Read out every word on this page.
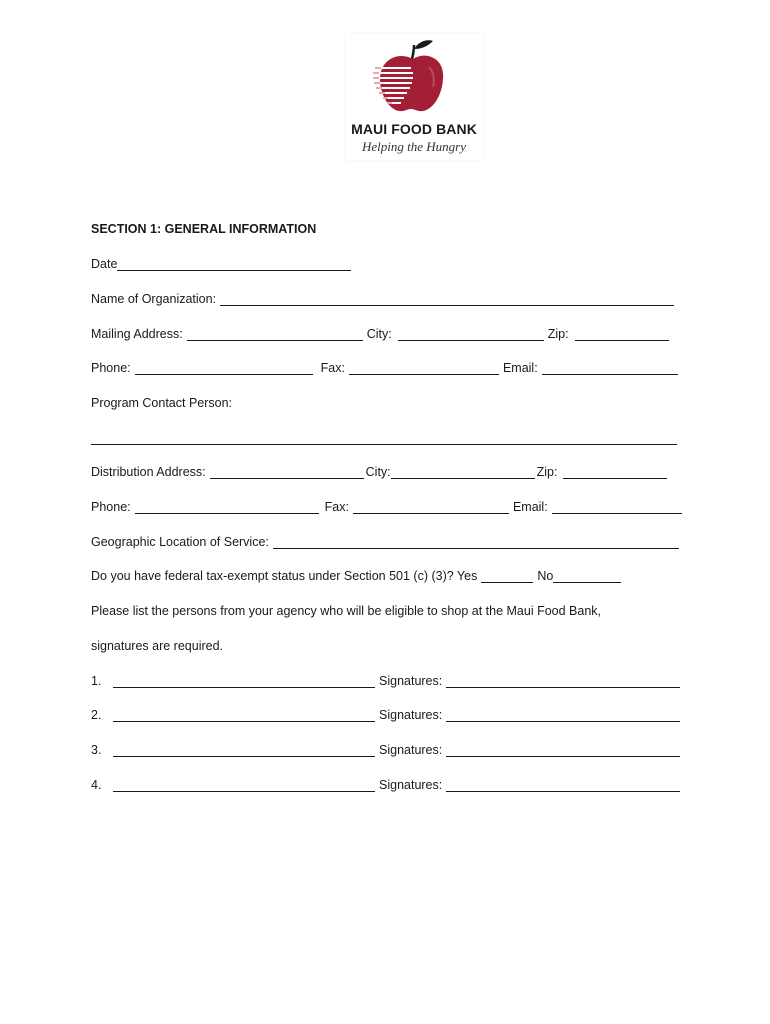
MAUI FOOD BANK
Helping the Hungry
SECTION 1: GENERAL INFORMATION
Date
Name of Organization:
Mailing Address:	City:	Zip:
Phone:	Fax:	Email:
Program Contact Person:
Distribution Address:	City:	Zip:
Phone:	Fax:	Email:
Geographic Location of Service:
Do you have federal tax-exempt status under Section 501 (c) (3)? Yes	No
Please list the persons from your agency who will be eligible to shop at the Maui Food Bank,
signatures are required.
1.	Signatures:
2.	Signatures:
3.	Signatures:
4.	Signatures:
